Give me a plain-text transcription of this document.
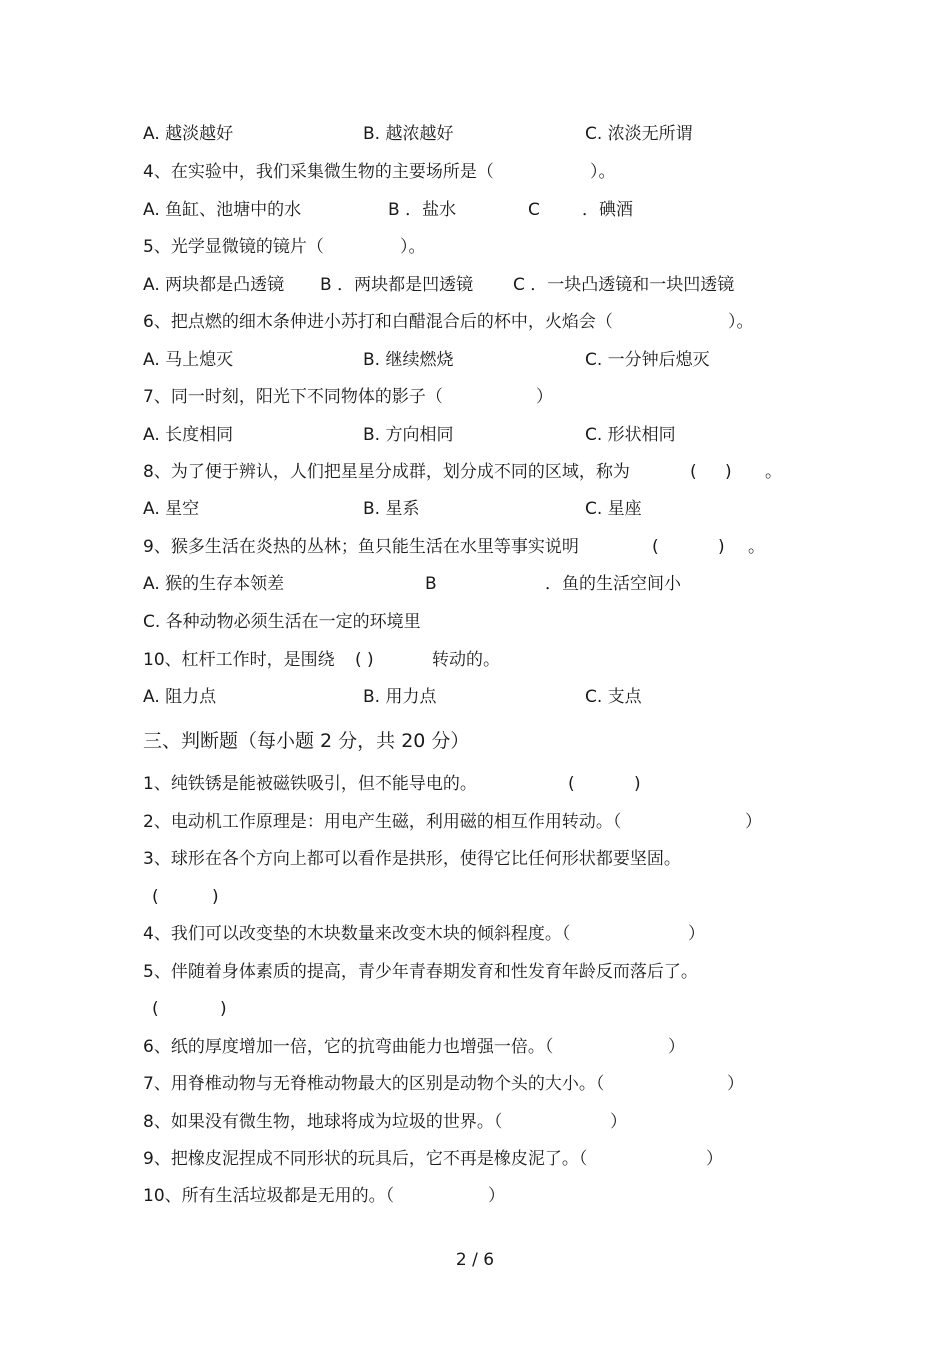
A. 越淡越好	B. 越浓越好	C. 浓淡无所谓
4、在实验中，我们采集微生物的主要场所是（	）。
A. 鱼缸、池塘中的水	B ．盐水	C ．碘酒
5、光学显微镜的镜片（	）。
A. 两块都是凸透镜 B ．两块都是凹透镜 C ．一块凸透镜和一块凹透镜
6、把点燃的细木条伸进小苏打和白醋混合后的杯中，火焰会（	）。
A. 马上熄灭	B. 继续燃烧	C. 一分钟后熄灭
7、同一时刻，阳光下不同物体的影子（	）
A. 长度相同	B. 方向相同	C. 形状相同
8、为了便于辨认，人们把星星分成群，划分成不同的区域，称为	( ) 。
A. 星空	B. 星系	C. 星座
9、猴多生活在炎热的丛林；鱼只能生活在水里等事实说明	(	) 。
A. 猴的生存本领差	B	．鱼的生活空间小
C. 各种动物必须生活在一定的环境里
10、杠杆工作时，是围绕 ( )	转动的。
A. 阻力点	B. 用力点	C. 支点
三、判断题（每小题 2 分，共 20 分）
1、纯铁锈是能被磁铁吸引，但不能导电的。	(	)
2、电动机工作原理是：用电产生磁，利用磁的相互作用转动。（	）
3、球形在各个方向上都可以看作是拱形，使得它比任何形状都要坚固。
(	)
4、我们可以改变垫的木块数量来改变木块的倾斜程度。（	）
5、伴随着身体素质的提高，青少年青春期发育和性发育年龄反而落后了。
(	)
6、纸的厚度增加一倍，它的抗弯曲能力也增强一倍。（	）
7、用脊椎动物与无脊椎动物最大的区别是动物个头的大小。（	）
8、如果没有微生物，地球将成为垃圾的世界。（	）
9、把橡皮泥捏成不同形状的玩具后，它不再是橡皮泥了。（	）
10、所有生活垃圾都是无用的。（	）
2 / 6
